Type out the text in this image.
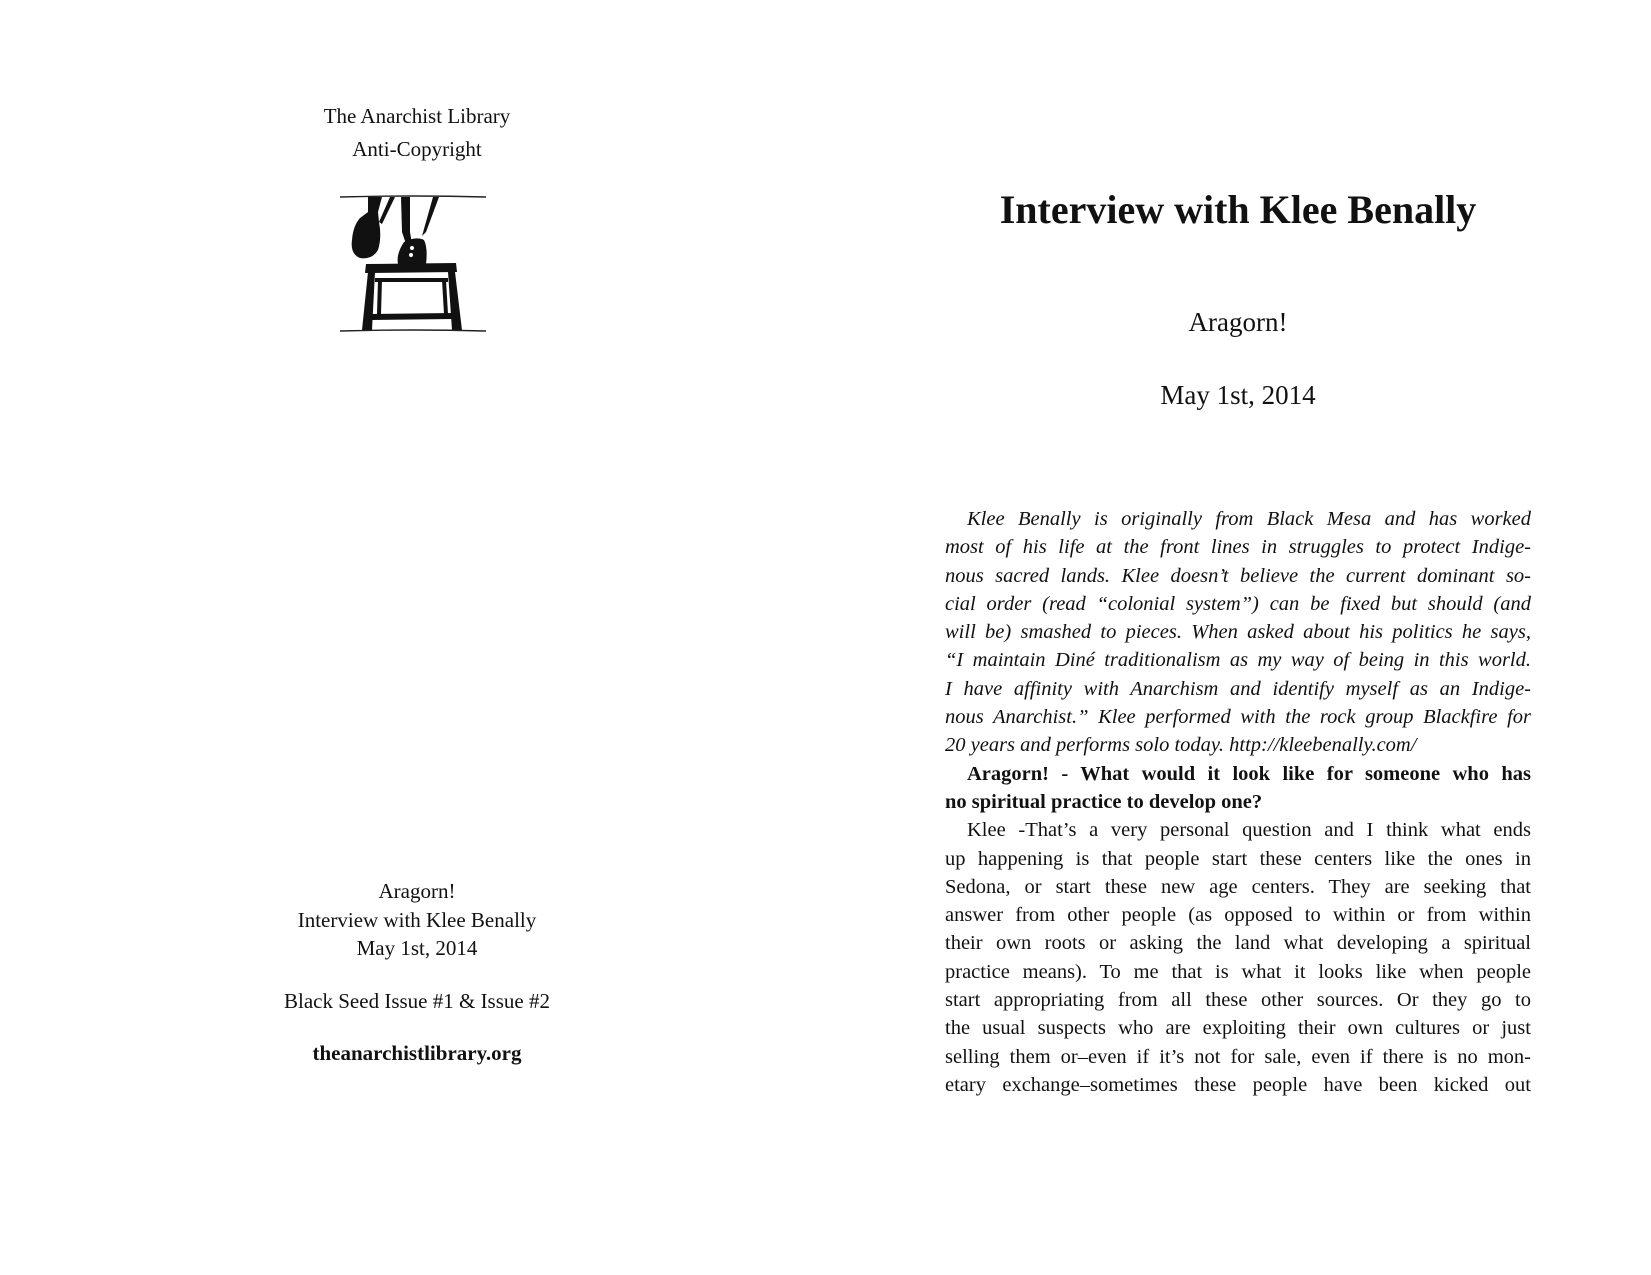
The Anarchist Library
Anti-Copyright
Aragorn!
Interview with Klee Benally
May 1st, 2014
Black Seed Issue #1 & Issue #2
theanarchistlibrary.org
Interview with Klee Benally
Aragorn!
May 1st, 2014
Klee Benally is originally from Black Mesa and has worked
most of his life at the front lines in struggles to protect Indige-
nous sacred lands. Klee doesn’t believe the current dominant so-
cial order (read “colonial system”) can be fixed but should (and
will be) smashed to pieces. When asked about his politics he says,
“I maintain Diné traditionalism as my way of being in this world.
I have affinity with Anarchism and identify myself as an Indige-
nous Anarchist.” Klee performed with the rock group Blackfire for
20 years and performs solo today. http://kleebenally.com/
Aragorn! - What would it look like for someone who has
no spiritual practice to develop one?
Klee -That’s a very personal question and I think what ends
up happening is that people start these centers like the ones in
Sedona, or start these new age centers. They are seeking that
answer from other people (as opposed to within or from within
their own roots or asking the land what developing a spiritual
practice means). To me that is what it looks like when people
start appropriating from all these other sources. Or they go to
the usual suspects who are exploiting their own cultures or just
selling them or–even if it’s not for sale, even if there is no mon-
etary exchange–sometimes these people have been kicked out
